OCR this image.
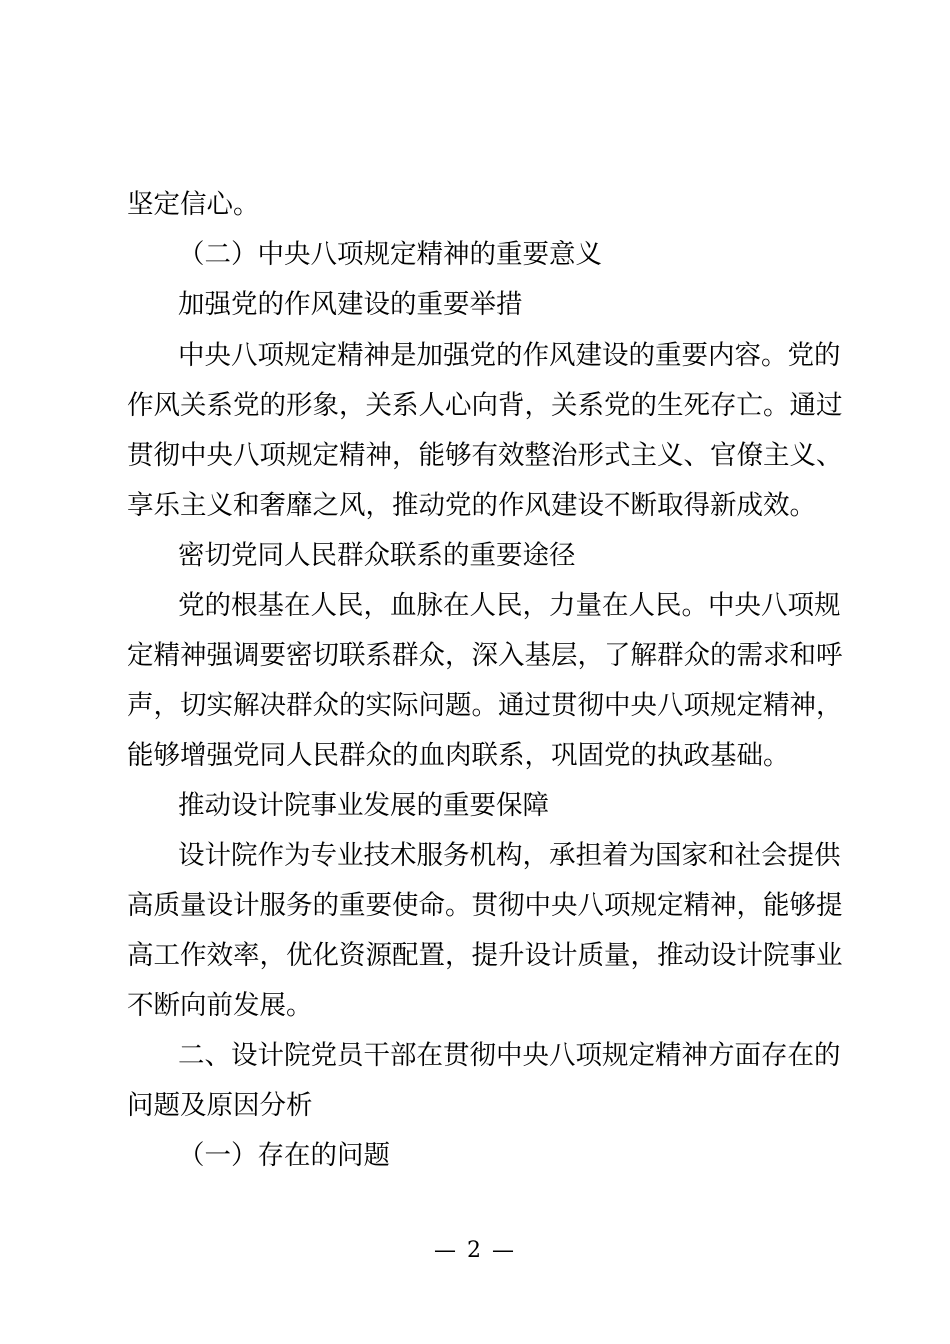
坚定信心。
（二）中央八项规定精神的重要意义
加强党的作风建设的重要举措
中央八项规定精神是加强党的作风建设的重要内容。党的
作风关系党的形象，关系人心向背，关系党的生死存亡。通过
贯彻中央八项规定精神，能够有效整治形式主义、官僚主义、
享乐主义和奢靡之风，推动党的作风建设不断取得新成效。
密切党同人民群众联系的重要途径
党的根基在人民，血脉在人民，力量在人民。中央八项规
定精神强调要密切联系群众，深入基层，了解群众的需求和呼
声，切实解决群众的实际问题。通过贯彻中央八项规定精神，
能够增强党同人民群众的血肉联系，巩固党的执政基础。
推动设计院事业发展的重要保障
设计院作为专业技术服务机构，承担着为国家和社会提供
高质量设计服务的重要使命。贯彻中央八项规定精神，能够提
高工作效率，优化资源配置，提升设计质量，推动设计院事业
不断向前发展。
二、设计院党员干部在贯彻中央八项规定精神方面存在的
问题及原因分析
（一）存在的问题
— 2 —
